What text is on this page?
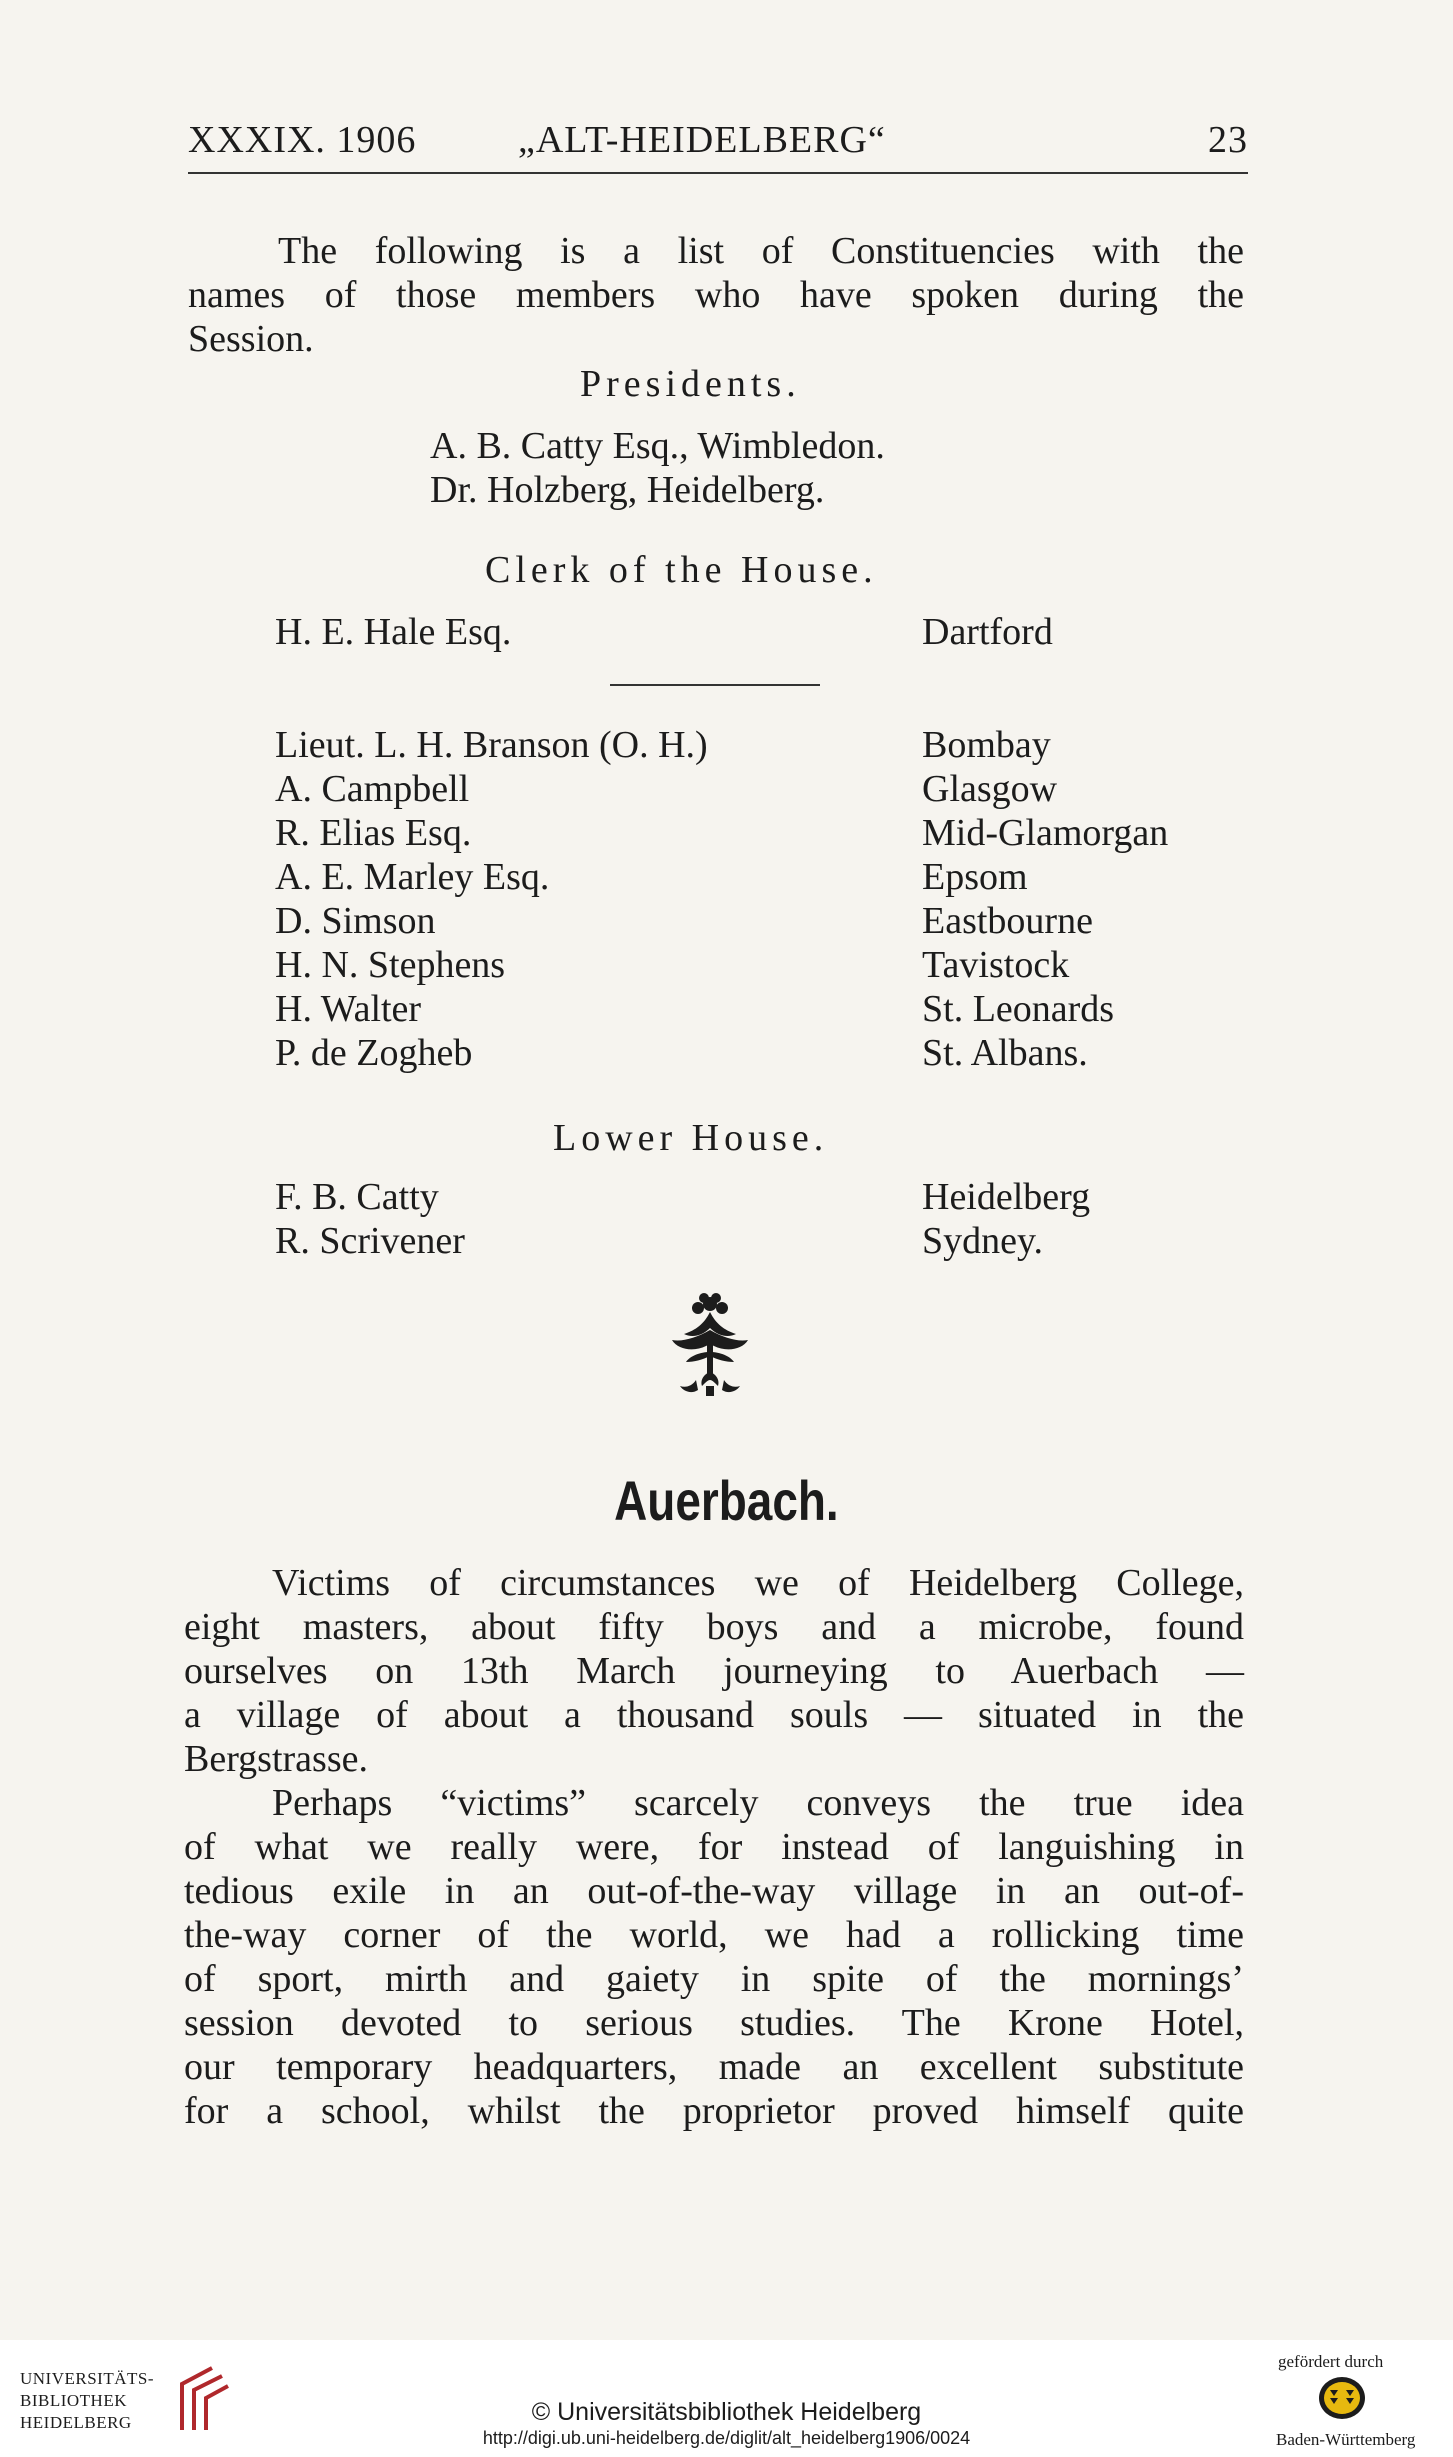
XXXIX. 1906	„ALT-HEIDELBERG“	23
The following is a list of Constituencies with the
names of those members who have spoken during the
Session.
Presidents.
A. B. Catty Esq., Wimbledon.
Dr. Holzberg, Heidelberg.
Clerk of the House.
H. E. Hale Esq.	Dartford
Lieut. L. H. Branson (O. H.)	Bombay
A. Campbell	Glasgow
R. Elias Esq.	Mid-Glamorgan
A. E. Marley Esq.	Epsom
D. Simson	Eastbourne
H. N. Stephens	Tavistock
H. Walter	St. Leonards
P. de Zogheb	St. Albans.
Lower House.
F. B. Catty	Heidelberg
R. Scrivener	Sydney.
Auerbach.
Victims of circumstances we of Heidelberg College,
eight masters, about fifty boys and a microbe, found
ourselves on 13th March journeying to Auerbach —
a village of about a thousand souls — situated in the
Bergstrasse.
Perhaps “victims” scarcely conveys the true idea
of what we really were, for instead of languishing in
tedious exile in an out-of-the-way village in an out-of-
the-way corner of the world, we had a rollicking time
of sport, mirth and gaiety in spite of the mornings’
session devoted to serious studies. The Krone Hotel,
our temporary headquarters, made an excellent substitute
for a school, whilst the proprietor proved himself quite
UNIVERSITÄTS-
BIBLIOTHEK
HEIDELBERG	© Universitätsbibliothek Heidelberg
http://digi.ub.uni-heidelberg.de/diglit/alt_heidelberg1906/0024
gefördert durch
Baden-Württemberg
